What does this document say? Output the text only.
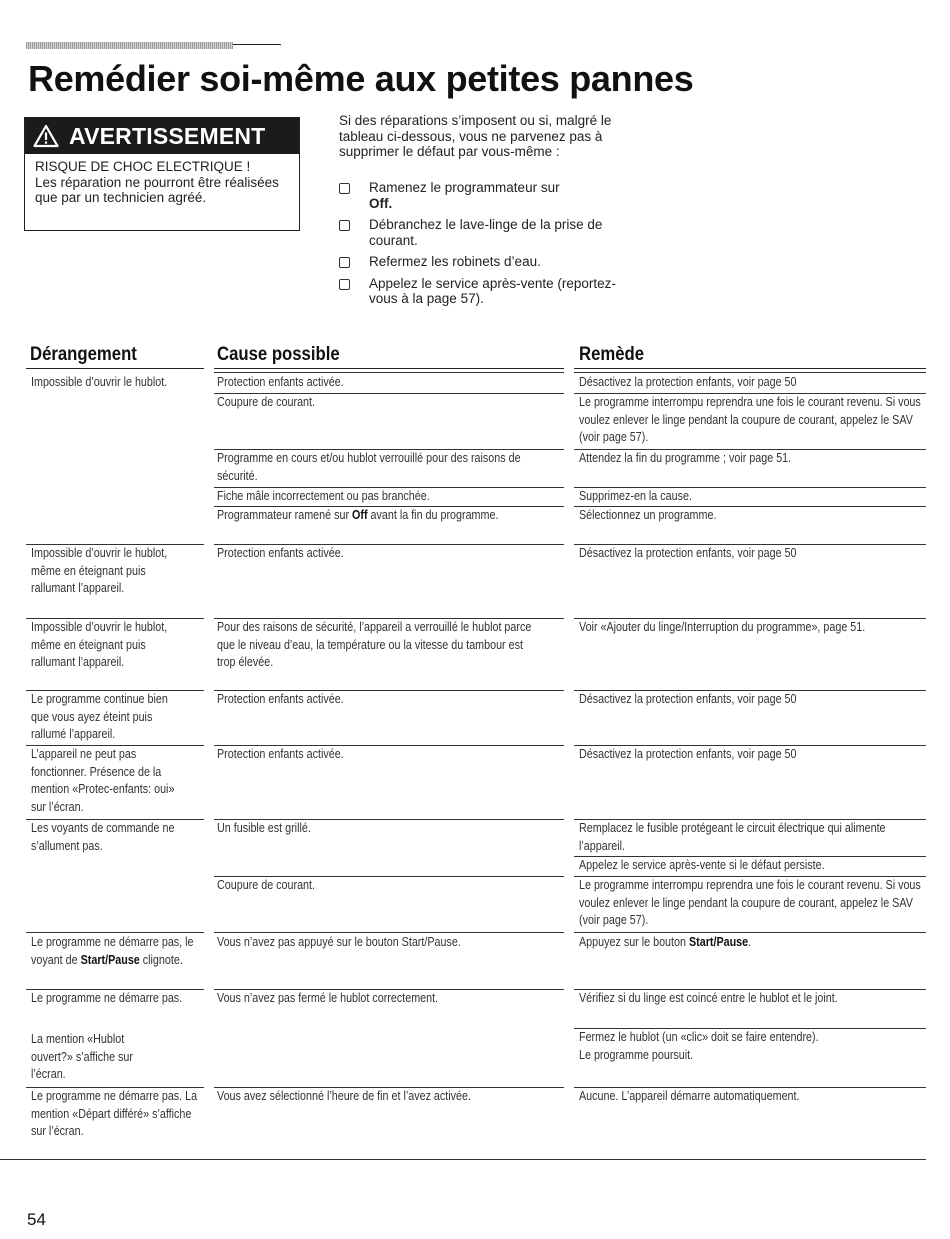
Remédier soi-même aux petites pannes
AVERTISSEMENT
RISQUE DE CHOC ELECTRIQUE !
Les réparation ne pourront être réalisées que par un technicien agréé.
Si des réparations s’imposent ou si, malgré le tableau ci-dessous, vous ne parvenez pas à supprimer le défaut par vous-même :
Ramenez le programmateur sur
Off.
Débranchez le lave-linge de la prise de courant.
Refermez les robinets d’eau.
Appelez le service après-vente (reportez-vous à la page 57).
Dérangement	Cause possible	Remède
Impossible d’ouvrir le hublot.
Impossible d’ouvrir le hublot, même en éteignant puis rallumant l’appareil.
Impossible d’ouvrir le hublot, même en éteignant puis rallumant l’appareil.
Le programme continue bien que vous ayez éteint puis rallumé l’appareil.
L’appareil ne peut pas fonctionner. Présence de la mention «Protec-enfants: oui» sur l’écran.
Les voyants de commande ne s’allument pas.
Le programme ne démarre pas, le voyant de Start/Pause clignote.
Le programme ne démarre pas.
La mention «Hublot ouvert?» s’affiche sur l’écran.
Le programme ne démarre pas. La mention «Départ différé» s’affiche sur l’écran.
Protection enfants activée.
Coupure de courant.
Programme en cours et/ou hublot verrouillé pour des raisons de sécurité.
Fiche mâle incorrectement ou pas branchée.
Programmateur ramené sur Off avant la fin du programme.
Protection enfants activée.
Pour des raisons de sécurité, l’appareil a verrouillé le hublot parce que le niveau d’eau, la température ou la vitesse du tambour est trop élevée.
Protection enfants activée.
Protection enfants activée.
Un fusible est grillé.
Coupure de courant.
Vous n’avez pas appuyé sur le bouton Start/Pause.
Vous n’avez pas fermé le hublot correctement.
Vous avez sélectionné l’heure de fin et l’avez activée.
Désactivez la protection enfants, voir page 50
Le programme interrompu reprendra une fois le courant revenu. Si vous voulez enlever le linge pendant la coupure de courant, appelez le SAV (voir page 57).
Attendez la fin du programme ; voir page 51.
Supprimez-en la cause.
Sélectionnez un programme.
Désactivez la protection enfants, voir page 50
Voir «Ajouter du linge/Interruption du programme», page 51.
Désactivez la protection enfants, voir page 50
Désactivez la protection enfants, voir page 50
Remplacez le fusible protégeant le circuit électrique qui alimente l’appareil.
Appelez le service après-vente si le défaut persiste.
Le programme interrompu reprendra une fois le courant revenu. Si vous voulez enlever le linge pendant la coupure de courant, appelez le SAV (voir page 57).
Appuyez sur le bouton Start/Pause.
Vérifiez si du linge est coincé entre le hublot et le joint.
Fermez le hublot (un «clic» doit se faire entendre).
Le programme poursuit.
Aucune. L’appareil démarre automatiquement.
54
